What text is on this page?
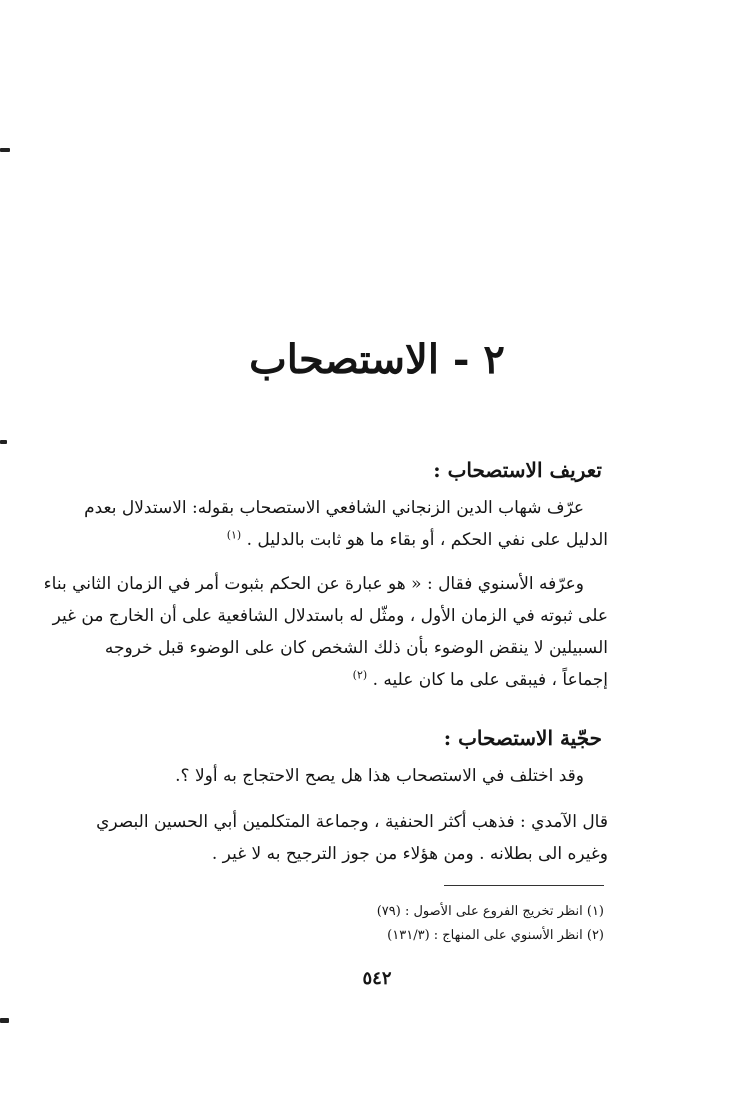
٢ - الاستصحاب
تعريف الاستصحاب :
عرّف شهاب الدين الزنجاني الشافعي الاستصحاب بقوله: الاستدلال بعدم
الدليل على نفي الحكم ، أو بقاء ما هو ثابت بالدليل . $^{(١)}$
وعرّفه الأسنوي فقال : « هو عبارة عن الحكم بثبوت أمر في الزمان الثاني بناء
على ثبوته في الزمان الأول ، ومثّل له باستدلال الشافعية على أن الخارج من غير
السبيلين لا ينقض الوضوء بأن ذلك الشخص كان على الوضوء قبل خروجه
إجماعاً ، فيبقى على ما كان عليه . $^{(٢)}$
حجّية الاستصحاب :
وقد اختلف في الاستصحاب هذا هل يصح الاحتجاج به أولا ؟.
قال الآمدي : فذهب أكثر الحنفية ، وجماعة المتكلمين أبي الحسين البصري
وغيره الى بطلانه . ومن هؤلاء من جوز الترجيح به لا غير .
(١) انظر تخريج الفروع على الأصول : (٧٩)
(٢) انظر الأسنوي على المنهاج : (١٣١/٣)
٥٤٢
